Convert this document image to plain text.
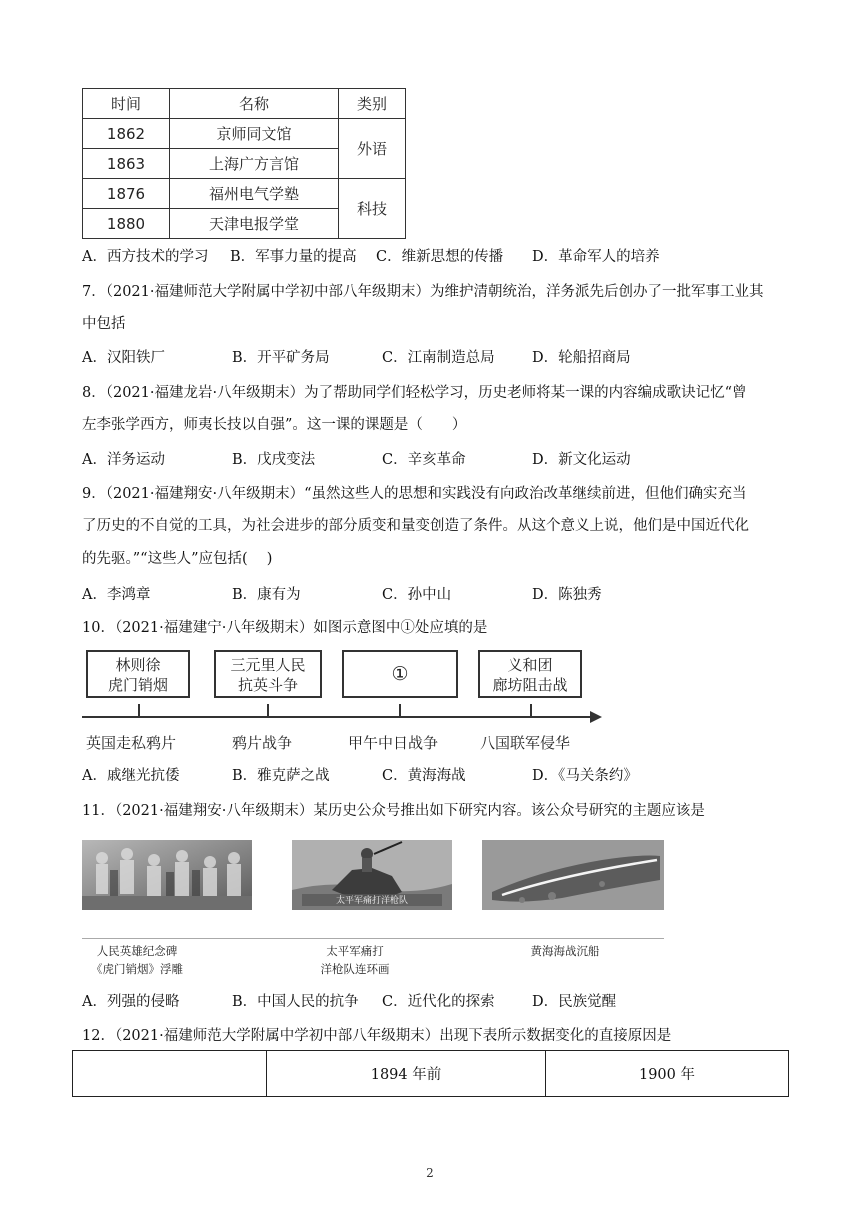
时间	名称	类别
1862	京师同文馆	外语
1863	上海广方言馆	
1876	福州电气学塾	科技
1880	天津电报学堂	
A．西方技术的学习 B．军事力量的提高 C．维新思想的传播 D．革命军人的培养
7．（2021·福建师范大学附属中学初中部八年级期末）为维护清朝统治，洋务派先后创办了一批军事工业其
中包括
A．汉阳铁厂	B．开平矿务局	C．江南制造总局	D．轮船招商局
8．（2021·福建龙岩·八年级期末）为了帮助同学们轻松学习，历史老师将某一课的内容编成歌诀记忆“曾
左李张学西方，师夷长技以自强”。这一课的课题是（　　）
A．洋务运动	B．戊戌变法	C．辛亥革命	D．新文化运动
9．（2021·福建翔安·八年级期末）“虽然这些人的思想和实践没有向政治改革继续前进，但他们确实充当
了历史的不自觉的工具，为社会进步的部分质变和量变创造了条件。从这个意义上说，他们是中国近代化
的先驱。”“这些人”应包括(　 )
A．李鸿章	B．康有为	C．孙中山	D．陈独秀
10．（2021·福建建宁·八年级期末）如图示意图中①处应填的是
林则徐
虎门销烟
三元里人民
抗英斗争	①	义和团
廊坊阻击战
英国走私鸦片	鸦片战争	甲午中日战争	八国联军侵华
A．戚继光抗倭	B．雅克萨之战	C．黄海海战	D．《马关条约》
11．（2021·福建翔安·八年级期末）某历史公众号推出如下研究内容。该公众号研究的主题应该是
太平军痛打洋枪队
人民英雄纪念碑
《虎门销烟》浮雕
太平军痛打
洋枪队连环画
黄海海战沉船
A．列强的侵略	B．中国人民的抗争 C．近代化的探索	D．民族觉醒
12．（2021·福建师范大学附属中学初中部八年级期末）出现下表所示数据变化的直接原因是
	1894 年前	1900 年
2
